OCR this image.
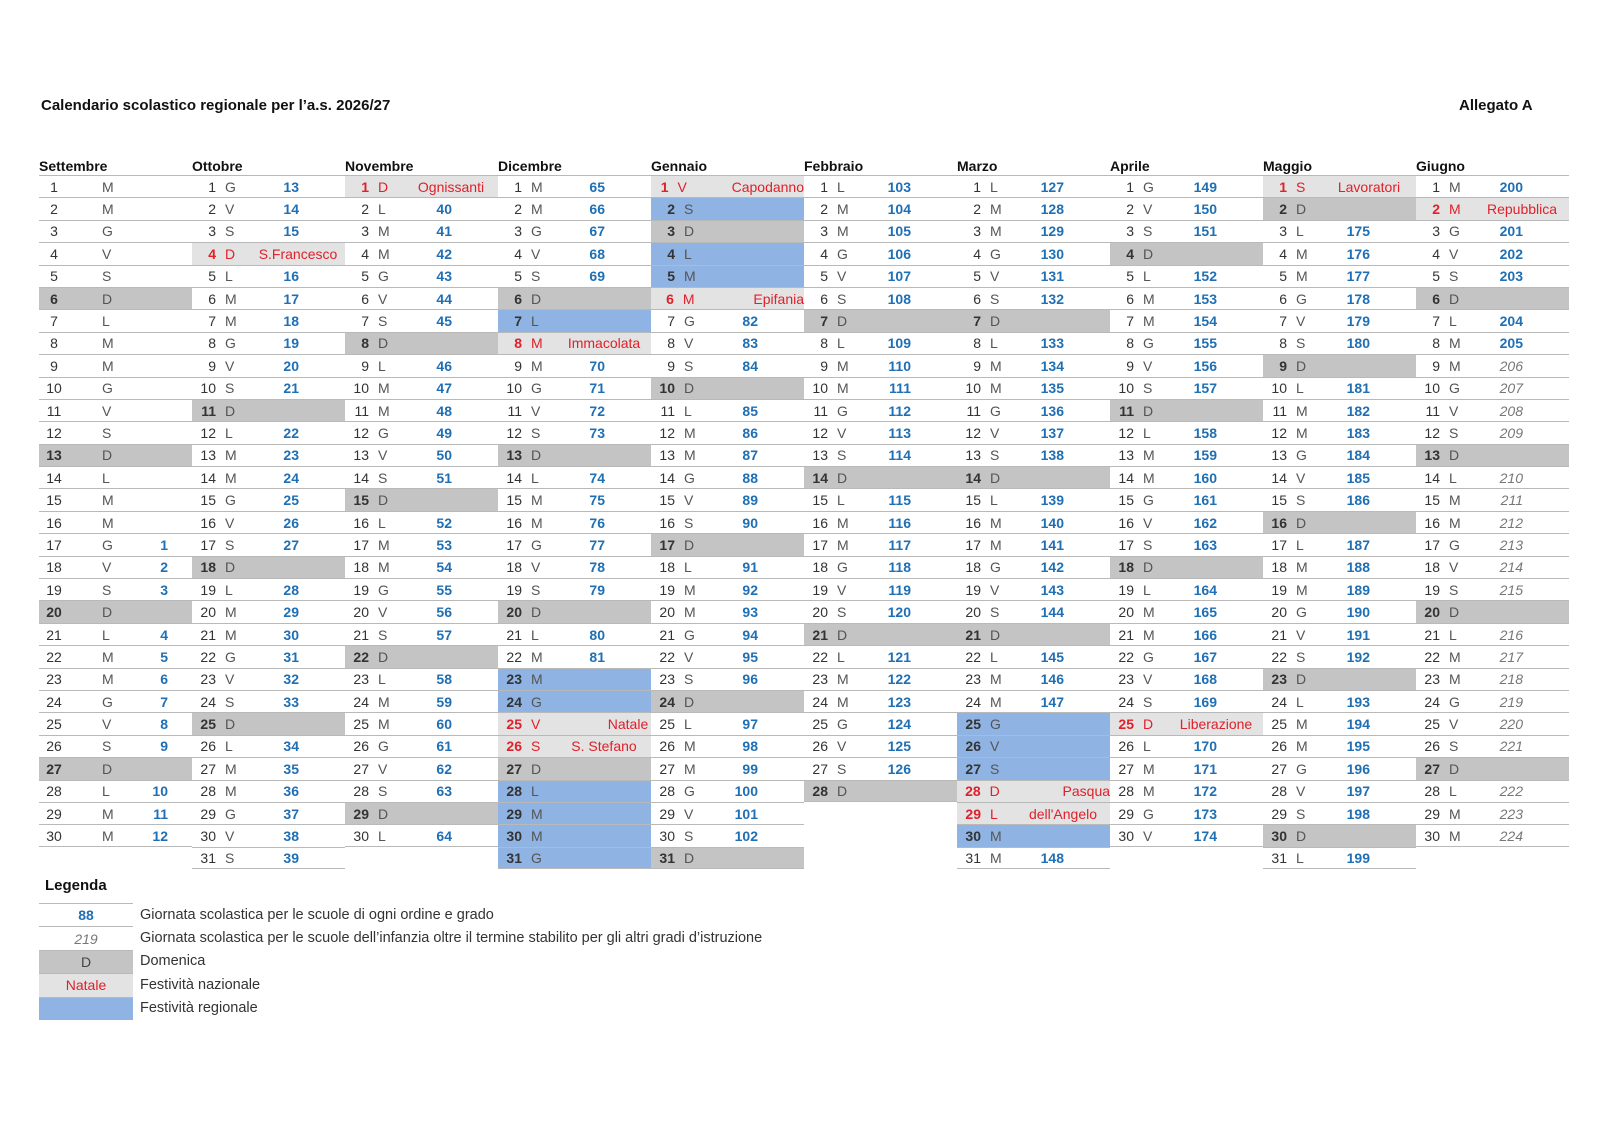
Calendario scolastico regionale per l’a.s. 2026/27	Allegato A
Settembre
1	M
2	M
3	G
4	V
5	S
6	D
7	L
8	M
9	M
10	G
11	V
12	S
13	D
14	L
15	M
16	M
17	G	1
18	V	2
19	S	3
20	D
21	L	4
22	M	5
23	M	6
24	G	7
25	V	8
26	S	9
27	D
28	L	10
29	M	11
30	M	12
Ottobre
1 G	13
2 V	14
3 S	15
4 D	S.Francesco
5 L	16
6 M	17
7 M	18
8 G	19
9 V	20
10 S	21
11 D
12 L	22
13 M	23
14 M	24
15 G	25
16 V	26
17 S	27
18 D
19 L	28
20 M	29
21 M	30
22 G	31
23 V	32
24 S	33
25 D
26 L	34
27 M	35
28 M	36
29 G	37
30 V	38
31 S	39
Novembre
1 D	Ognissanti
2 L	40
3 M	41
4 M	42
5 G	43
6 V	44
7 S	45
8 D
9 L	46
10 M	47
11 M	48
12 G	49
13 V	50
14 S	51
15 D
16 L	52
17 M	53
18 M	54
19 G	55
20 V	56
21 S	57
22 D
23 L	58
24 M	59
25 M	60
26 G	61
27 V	62
28 S	63
29 D
30 L	64
Dicembre
1 M	65
2 M	66
3 G	67
4 V	68
5 S	69
6 D
7 L
8 M	Immacolata
9 M	70
10 G	71
11 V	72
12 S	73
13 D
14 L	74
15 M	75
16 M	76
17 G	77
18 V	78
19 S	79
20 D
21 L	80
22 M	81
23 M
24 G
25 V	Natale
26 S	S. Stefano
27 D
28 L
29 M
30 M
31 G
Gennaio
1 V	Capodanno
2 S
3 D
4 L
5 M
6 M	Epifania
7 G	82
8 V	83
9 S	84
10 D
11 L	85
12 M	86
13 M	87
14 G	88
15 V	89
16 S	90
17 D
18 L	91
19 M	92
20 M	93
21 G	94
22 V	95
23 S	96
24 D
25 L	97
26 M	98
27 M	99
28 G	100
29 V	101
30 S	102
31 D
Febbraio
1 L	103
2 M	104
3 M	105
4 G	106
5 V	107
6 S	108
7 D
8 L	109
9 M	110
10 M	111
11 G	112
12 V	113
13 S	114
14 D
15 L	115
16 M	116
17 M	117
18 G	118
19 V	119
20 S	120
21 D
22 L	121
23 M	122
24 M	123
25 G	124
26 V	125
27 S	126
28 D
Marzo
1 L	127
2 M	128
3 M	129
4 G	130
5 V	131
6 S	132
7 D
8 L	133
9 M	134
10 M	135
11 G	136
12 V	137
13 S	138
14 D
15 L	139
16 M	140
17 M	141
18 G	142
19 V	143
20 S	144
21 D
22 L	145
23 M	146
24 M	147
25 G
26 V
27 S
28 D	Pasqua
29 L	dell'Angelo
30 M
31 M	148
Aprile
1 G	149
2 V	150
3 S	151
4 D
5 L	152
6 M	153
7 M	154
8 G	155
9 V	156
10 S	157
11 D
12 L	158
13 M	159
14 M	160
15 G	161
16 V	162
17 S	163
18 D
19 L	164
20 M	165
21 M	166
22 G	167
23 V	168
24 S	169
25 D	Liberazione
26 L	170
27 M	171
28 M	172
29 G	173
30 V	174
Maggio
1 S	Lavoratori
2 D
3 L	175
4 M	176
5 M	177
6 G	178
7 V	179
8 S	180
9 D
10 L	181
11 M	182
12 M	183
13 G	184
14 V	185
15 S	186
16 D
17 L	187
18 M	188
19 M	189
20 G	190
21 V	191
22 S	192
23 D
24 L	193
25 M	194
26 M	195
27 G	196
28 V	197
29 S	198
30 D
31 L	199
Giugno
1 M	200
2 M	Repubblica
3 G	201
4 V	202
5 S	203
6 D
7 L	204
8 M	205
9 M	206
10 G	207
11 V	208
12 S	209
13 D
14 L	210
15 M	211
16 M	212
17 G	213
18 V	214
19 S	215
20 D
21 L	216
22 M	217
23 M	218
24 G	219
25 V	220
26 S	221
27 D
28 L	222
29 M	223
30 M	224
Legenda
88	Giornata scolastica per le scuole di ogni ordine e grado
219	Giornata scolastica per le scuole dell’infanzia oltre il termine stabilito per gli altri gradi d’istruzione
D	Domenica
Natale	Festività nazionale
Festività regionale
